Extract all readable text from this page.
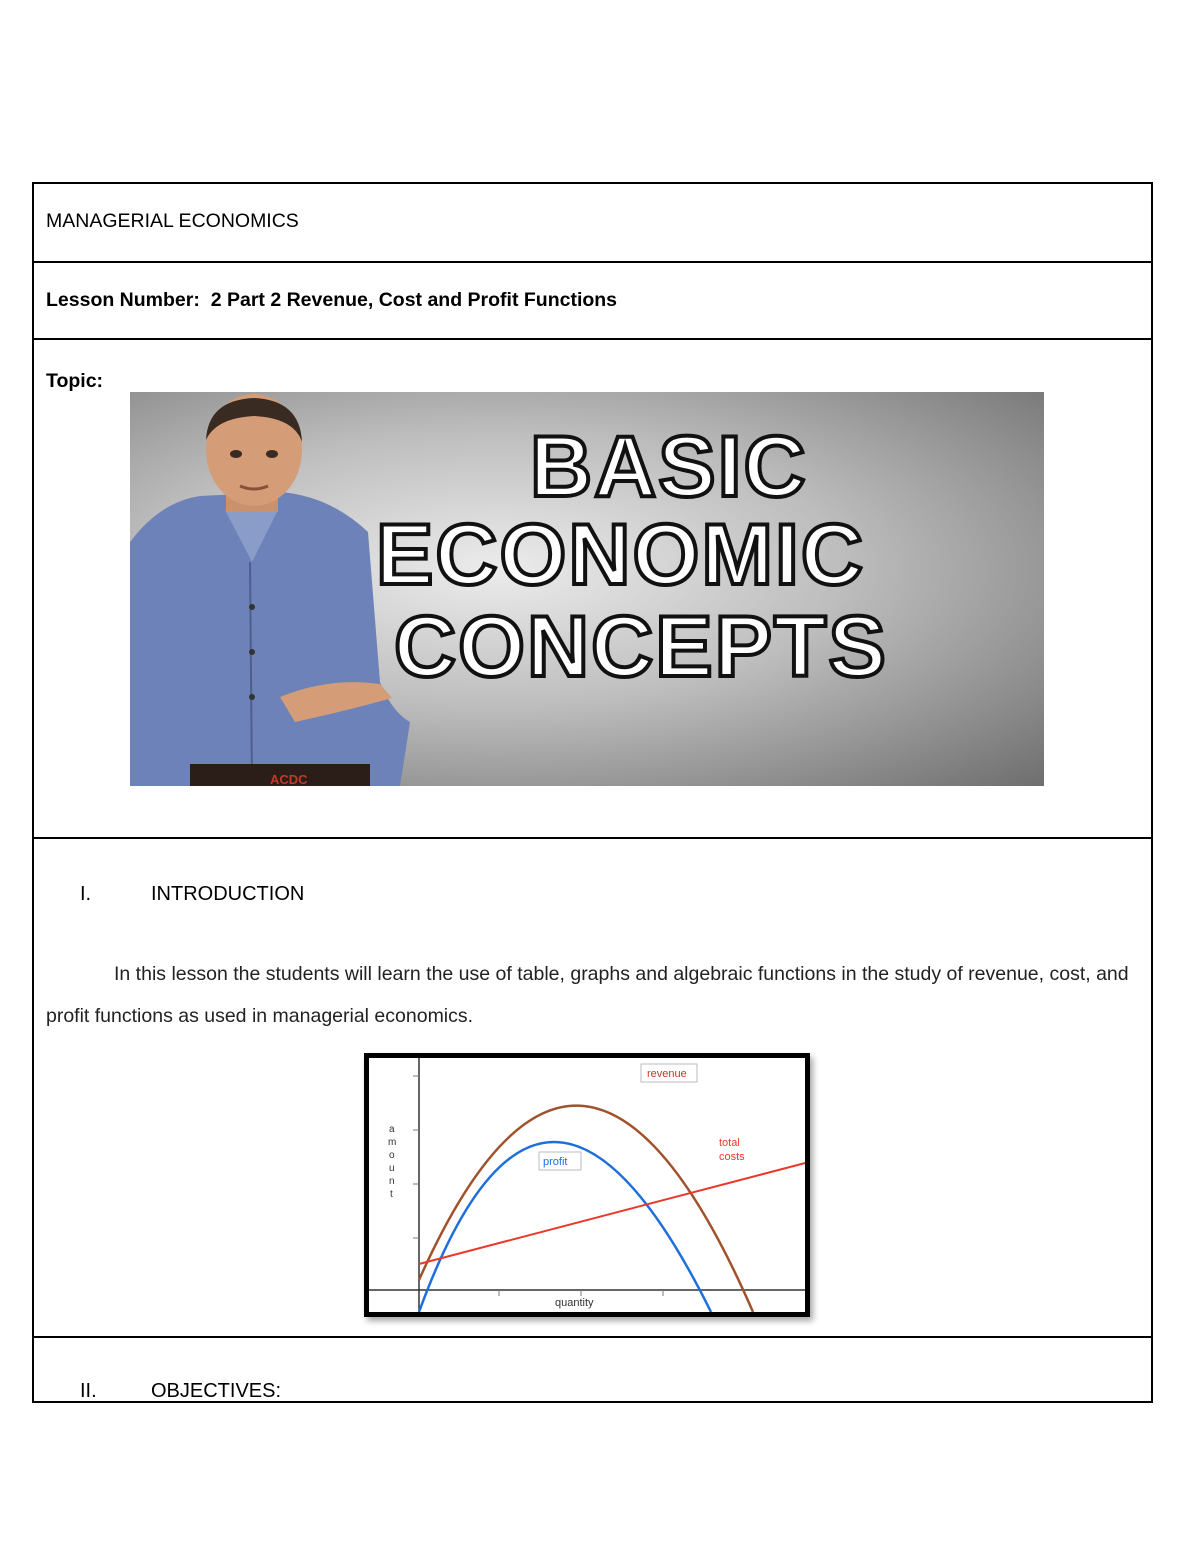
MANAGERIAL ECONOMICS
Lesson Number: 2 Part 2 Revenue, Cost and Profit Functions
Topic:
ACDC
BASIC
ECONOMIC
CONCEPTS
I.	INTRODUCTION
In this lesson the students will learn the use of table, graphs and algebraic functions in the study of revenue, cost, and profit functions as used in managerial economics.
revenue
profit
total
costs
quantity
a m o u n t
II.	OBJECTIVES:
